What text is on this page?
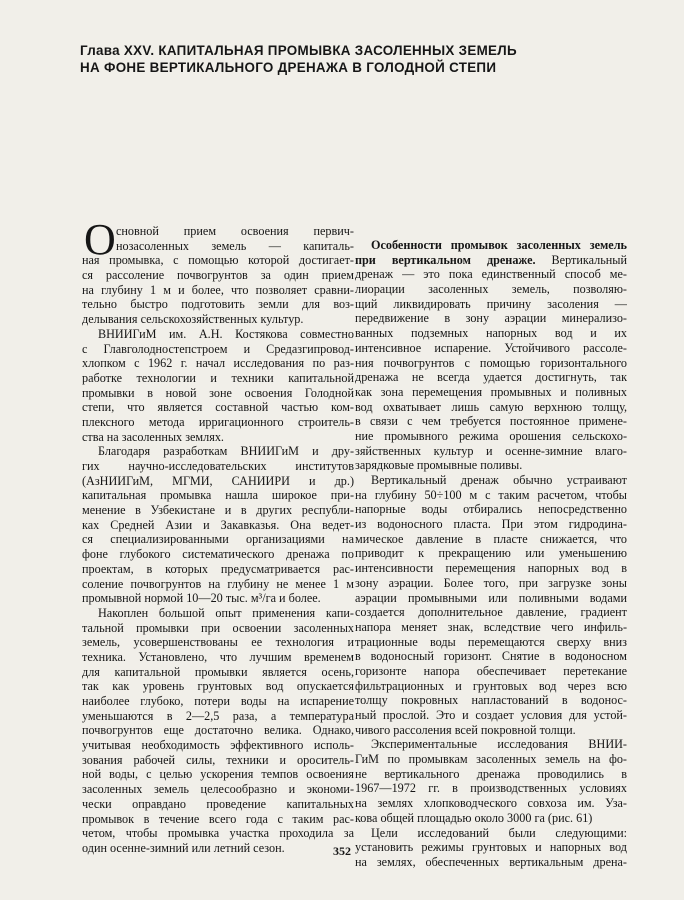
Глава XXV. КАПИТАЛЬНАЯ ПРОМЫВКА ЗАСОЛЕННЫХ ЗЕМЕЛЬ
НА ФОНЕ ВЕРТИКАЛЬНОГО ДРЕНАЖА В ГОЛОДНОЙ СТЕПИ
О сновной прием освоения первич-
нозасоленных земель — капиталь-
ная промывка, с помощью которой достигает-
ся рассоление почвогрунтов за один прием
на глубину 1 м и более, что позволяет сравни-
тельно быстро подготовить земли для воз-
делывания сельскохозяйственных культур.
ВНИИГиМ им. А.Н. Костякова совместно
с Главголодностепстроем и Средазгипровод-
хлопком с 1962 г. начал исследования по раз-
работке технологии и техники капитальной
промывки в новой зоне освоения Голодной
степи, что является составной частью ком-
плексного метода ирригационного строитель-
ства на засоленных землях.
Благодаря разработкам ВНИИГиМ и дру-
гих научно-исследовательских институтов
(АзНИИГиМ, МГМИ, САНИИРИ и др.)
капитальная промывка нашла широкое при-
менение в Узбекистане и в других республи-
ках Средней Азии и Закавказья. Она ведет-
ся специализированными организациями на
фоне глубокого систематического дренажа по
проектам, в которых предусматривается рас-
соление почвогрунтов на глубину не менее 1 м
промывной нормой 10—20 тыс. м³/га и более.
Накоплен большой опыт применения капи-
тальной промывки при освоении засоленных
земель, усовершенствованы ее технология и
техника. Установлено, что лучшим временем
для капитальной промывки является осень,
так как уровень грунтовых вод опускается
наиболее глубоко, потери воды на испарение
уменьшаются в 2—2,5 раза, а температура
почвогрунтов еще достаточно велика. Однако,
учитывая необходимость эффективного исполь-
зования рабочей силы, техники и ороситель-
ной воды, с целью ускорения темпов освоения
засоленных земель целесообразно и экономи-
чески оправдано проведение капитальных
промывок в течение всего года с таким рас-
четом, чтобы промывка участка проходила за
один осенне-зимний или летний сезон.
Особенности промывок засоленных земель
при вертикальном дренаже. Вертикальный
дренаж — это пока единственный способ ме-
лиорации засоленных земель, позволяю-
щий ликвидировать причину засоления —
передвижение в зону аэрации минерализо-
ванных подземных напорных вод и их
интенсивное испарение. Устойчивого рассоле-
ния почвогрунтов с помощью горизонтального
дренажа не всегда удается достигнуть, так
как зона перемещения промывных и поливных
вод охватывает лишь самую верхнюю толщу,
в связи с чем требуется постоянное примене-
ние промывного режима орошения сельскохо-
зяйственных культур и осенне-зимние влаго-
зарядковые промывные поливы.
Вертикальный дренаж обычно устраивают
на глубину 50÷100 м с таким расчетом, чтобы
напорные воды отбирались непосредственно
из водоносного пласта. При этом гидродина-
мическое давление в пласте снижается, что
приводит к прекращению или уменьшению
интенсивности перемещения напорных вод в
зону аэрации. Более того, при загрузке зоны
аэрации промывными или поливными водами
создается дополнительное давление, градиент
напора меняет знак, вследствие чего инфиль-
трационные воды перемещаются сверху вниз
в водоносный горизонт. Снятие в водоносном
горизонте напора обеспечивает перетекание
фильтрационных и грунтовых вод через всю
толщу покровных напластований в водонос-
ный прослой. Это и создает условия для устой-
чивого рассоления всей покровной толщи.
Экспериментальные исследования ВНИИ-
ГиМ по промывкам засоленных земель на фо-
не вертикального дренажа проводились в
1967—1972 гг. в производственных условиях
на землях хлопководческого совхоза им. Уза-
кова общей площадью около 3000 га (рис. 61)
Цели исследований были следующими:
установить режимы грунтовых и напорных вод
на землях, обеспеченных вертикальным дрена-
352
